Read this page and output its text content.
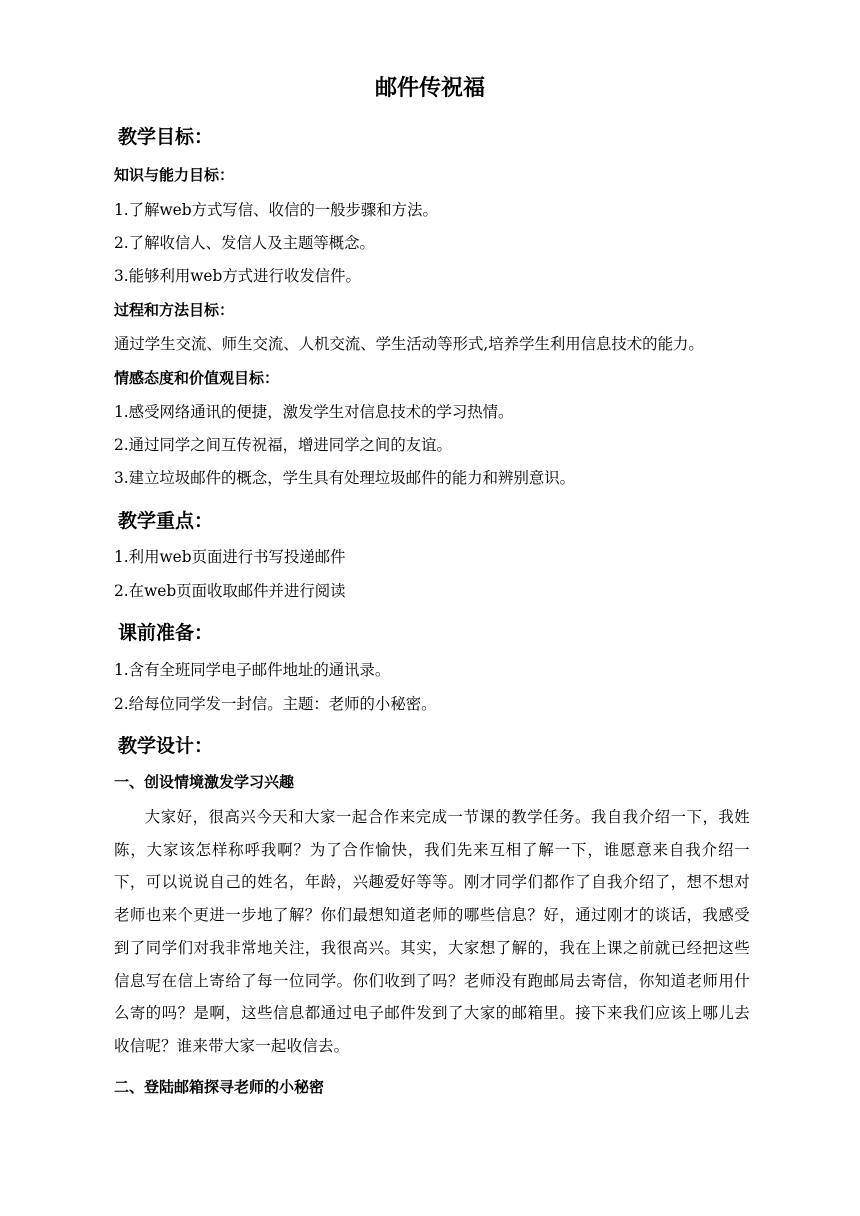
邮件传祝福
教学目标：
知识与能力目标：
1.了解web方式写信、收信的一般步骤和方法。
2.了解收信人、发信人及主题等概念。
3.能够利用web方式进行收发信件。
过程和方法目标：
通过学生交流、师生交流、人机交流、学生活动等形式,培养学生利用信息技术的能力。
情感态度和价值观目标：
1.感受网络通讯的便捷，激发学生对信息技术的学习热情。
2.通过同学之间互传祝福，增进同学之间的友谊。
3.建立垃圾邮件的概念，学生具有处理垃圾邮件的能力和辨别意识。
教学重点：
1.利用web页面进行书写投递邮件
2.在web页面收取邮件并进行阅读
课前准备：
1.含有全班同学电子邮件地址的通讯录。
2.给每位同学发一封信。主题：老师的小秘密。
教学设计：
一、创设情境激发学习兴趣
大家好，很高兴今天和大家一起合作来完成一节课的教学任务。我自我介绍一下，我姓陈，大家该怎样称呼我啊？为了合作愉快，我们先来互相了解一下，谁愿意来自我介绍一下，可以说说自己的姓名，年龄，兴趣爱好等等。刚才同学们都作了自我介绍了，想不想对老师也来个更进一步地了解？你们最想知道老师的哪些信息？好，通过刚才的谈话，我感受到了同学们对我非常地关注，我很高兴。其实，大家想了解的，我在上课之前就已经把这些信息写在信上寄给了每一位同学。你们收到了吗？老师没有跑邮局去寄信，你知道老师用什么寄的吗？是啊，这些信息都通过电子邮件发到了大家的邮箱里。接下来我们应该上哪儿去收信呢？谁来带大家一起收信去。
二、登陆邮箱探寻老师的小秘密
